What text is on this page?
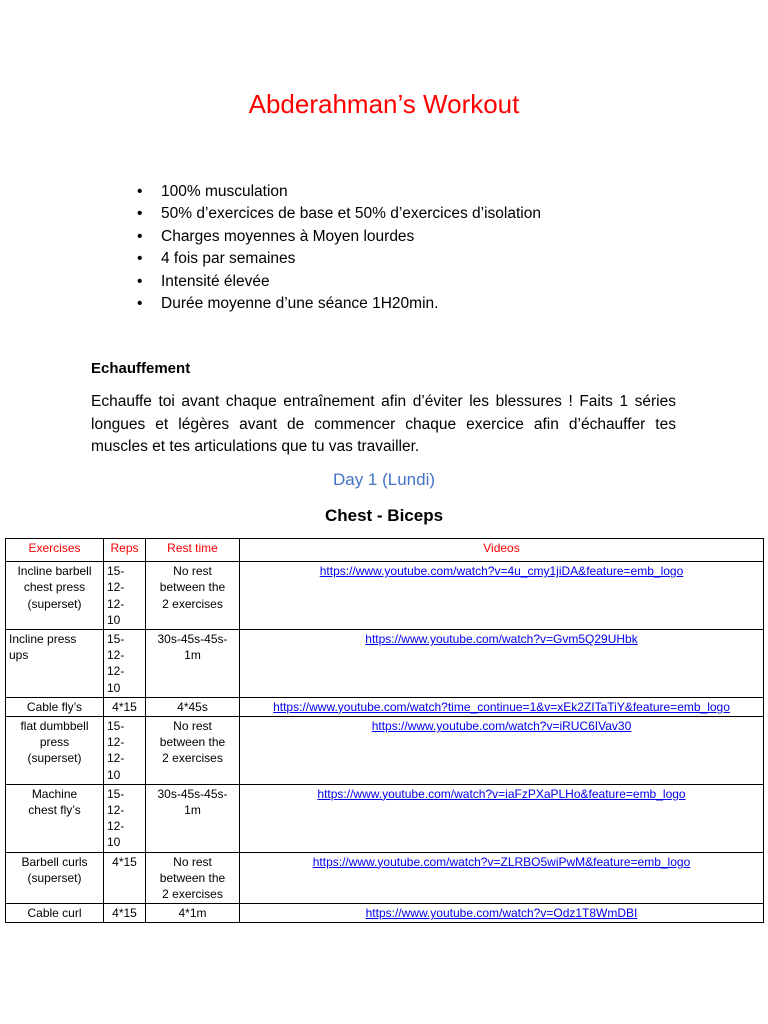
Abderahman’s Workout
• 100% musculation
• 50% d’exercices de base et 50% d’exercices d’isolation
• Charges moyennes à Moyen lourdes
• 4 fois par semaines
• Intensité élevée
• Durée moyenne d’une séance 1H20min.
Echauffement

Echauffe toi avant chaque entraînement afin d’éviter les blessures ! Faits 1 séries longues et légères avant de commencer chaque exercice afin d’échauffer tes muscles et tes articulations que tu vas travailler.

Day 1 (Lundi)
Chest - Biceps
Exercises	Reps	Rest time	Videos

Incline barbell
chest press
(superset)	15-
12-
12-
10	No rest
between the
2 exercises	https://www.youtube.com/watch?v=4u_cmy1jiDA&feature=emb_logo

Incline press
ups	15-
12-
12-
10	30s-45s-45s-
1m	https://www.youtube.com/watch?v=Gvm5Q29UHbk

Cable fly’s	4*15	4*45s	https://www.youtube.com/watch?time_continue=1&v=xEk2ZITaTiY&feature=emb_logo

flat dumbbell
press
(superset)	15-
12-
12-
10	No rest
between the
2 exercises	https://www.youtube.com/watch?v=iRUC6IVav30

Machine
chest fly’s	15-
12-
12-
10	30s-45s-45s-
1m	https://www.youtube.com/watch?v=iaFzPXaPLHo&feature=emb_logo

Barbell curls
(superset)	4*15	No rest
between the
2 exercises	https://www.youtube.com/watch?v=ZLRBO5wiPwM&feature=emb_logo

Cable curl	4*15	4*1m	https://www.youtube.com/watch?v=Odz1T8WmDBI
